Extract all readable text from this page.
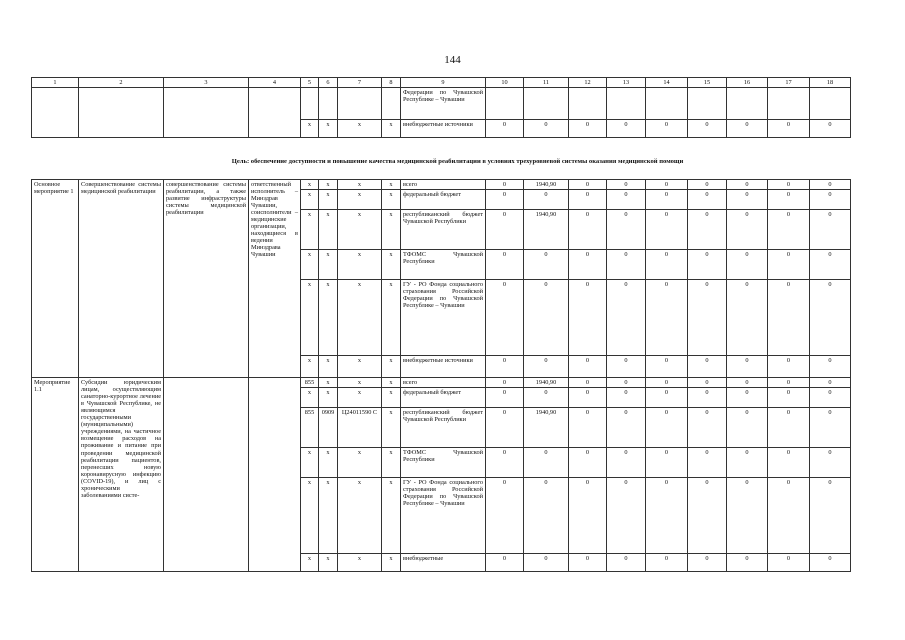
144
1	2	3	4	5	6	7	8	9	10	11	12	13	14	15	16	17	18
								Федерации по Чувашской Республике – Чувашии									
				x	x	x	x	внебюджетные источники	0	0	0	0	0	0	0	0	0
Цель: обеспечение доступности и повышение качества медицинской реабилитации в условиях трехуровневой системы оказания медицинской помощи
Основное мероприятие 1	Совершенствование системы медицинской реабилитации	совершенствование системы реабилитации, а также развитие инфраструктуры системы медицинской реабилитации	ответственный исполнитель – Минздрав Чувашии, соисполнители – медицинские организации, находящиеся в ведении Минздрава Чувашии	x	x	x	x	всего	0	1940,90	0	0	0	0	0	0	0
				x	x	x	x	федеральный бюджет	0	0	0	0	0	0	0	0	0
				x	x	x	x	республиканский бюджет Чувашской Республики	0	1940,90	0	0	0	0	0	0	0
				x	x	x	x	ТФОМС Чувашской Республики	0	0	0	0	0	0	0	0	0
				x	x	x	x	ГУ - РО Фонда социального страхования Российской Федерации по Чувашской Республике – Чувашии	0	0	0	0	0	0	0	0	0
				x	x	x	x	внебюджетные источники	0	0	0	0	0	0	0	0	0
Мероприятие 1.1	Субсидии юридическим лицам, осуществляющим санаторно-курортное лечение в Чувашской Республике, не являющимся государственными (муниципальными) учреждениями, на частичное возмещение расходов на проживание и питание при проведении медицинской реабилитации пациентов, перенесших новую коронавирусную инфекцию (COVID-19), и лиц с хроническими заболеваниями систе-			855	x	x	x	всего	0	1940,90	0	0	0	0	0	0	0
				x	x	x	x	федеральный бюджет	0	0	0	0	0	0	0	0	0
				855	0909	Ц24011590 С	x	республиканский бюджет Чувашской Республики	0	1940,90	0	0	0	0	0	0	0
				x	x	x	x	ТФОМС Чувашской Республики	0	0	0	0	0	0	0	0	0
				x	x	x	x	ГУ - РО Фонда социального страхования Российской Федерации по Чувашской Республике – Чувашии	0	0	0	0	0	0	0	0	0
				x	x	x	x	внебюджетные	0	0	0	0	0	0	0	0	0
